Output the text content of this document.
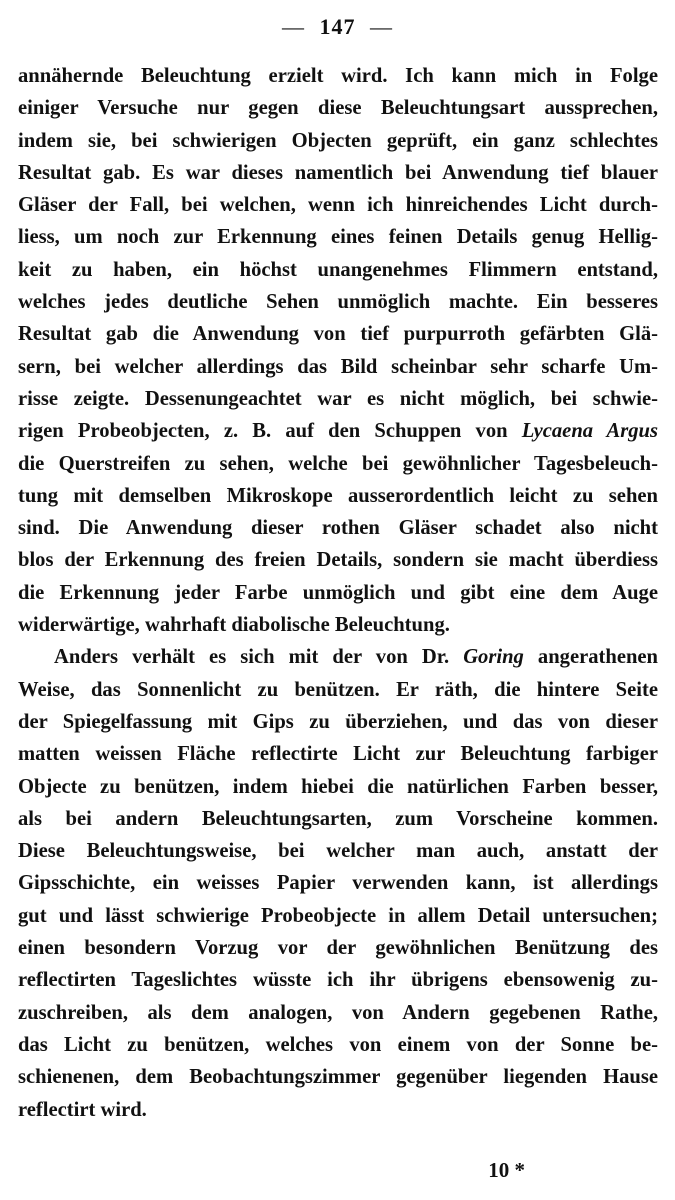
— 147 —
annähernde Beleuchtung erzielt wird. Ich kann mich in Folge
einiger Versuche nur gegen diese Beleuchtungsart aussprechen,
indem sie, bei schwierigen Objecten geprüft, ein ganz schlechtes
Resultat gab. Es war dieses namentlich bei Anwendung tief blauer
Gläser der Fall, bei welchen, wenn ich hinreichendes Licht durch-
liess, um noch zur Erkennung eines feinen Details genug Hellig-
keit zu haben, ein höchst unangenehmes Flimmern entstand,
welches jedes deutliche Sehen unmöglich machte. Ein besseres
Resultat gab die Anwendung von tief purpurroth gefärbten Glä-
sern, bei welcher allerdings das Bild scheinbar sehr scharfe Um-
risse zeigte. Dessenungeachtet war es nicht möglich, bei schwie-
rigen Probeobjecten, z. B. auf den Schuppen von Lycaena Argus
die Querstreifen zu sehen, welche bei gewöhnlicher Tagesbeleuch-
tung mit demselben Mikroskope ausserordentlich leicht zu sehen
sind. Die Anwendung dieser rothen Gläser schadet also nicht
blos der Erkennung des freien Details, sondern sie macht überdiess
die Erkennung jeder Farbe unmöglich und gibt eine dem Auge
widerwärtige, wahrhaft diabolische Beleuchtung.
Anders verhält es sich mit der von Dr. Goring angerathenen
Weise, das Sonnenlicht zu benützen. Er räth, die hintere Seite
der Spiegelfassung mit Gips zu überziehen, und das von dieser
matten weissen Fläche reflectirte Licht zur Beleuchtung farbiger
Objecte zu benützen, indem hiebei die natürlichen Farben besser,
als bei andern Beleuchtungsarten, zum Vorscheine kommen.
Diese Beleuchtungsweise, bei welcher man auch, anstatt der
Gipsschichte, ein weisses Papier verwenden kann, ist allerdings
gut und lässt schwierige Probeobjecte in allem Detail untersuchen;
einen besondern Vorzug vor der gewöhnlichen Benützung des
reflectirten Tageslichtes wüsste ich ihr übrigens ebensowenig zu-
zuschreiben, als dem analogen, von Andern gegebenen Rathe,
das Licht zu benützen, welches von einem von der Sonne be-
schienenen, dem Beobachtungszimmer gegenüber liegenden Hause
reflectirt wird.
10 *
